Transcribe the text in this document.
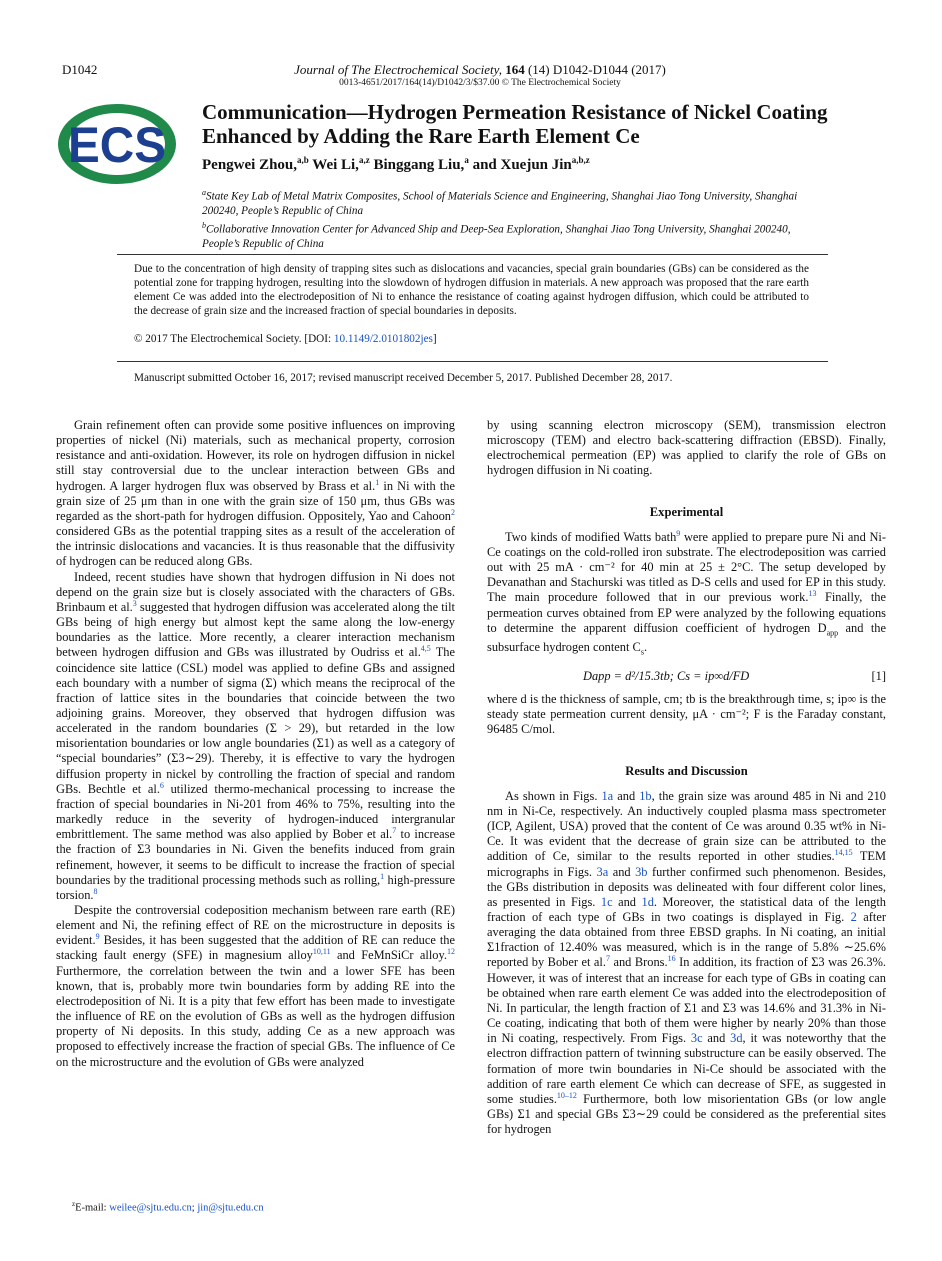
D1042	Journal of The Electrochemical Society, 164 (14) D1042-D1044 (2017)
0013-4651/2017/164(14)/D1042/3/$37.00 © The Electrochemical Society
ECS
Communication—Hydrogen Permeation Resistance of Nickel Coating Enhanced by Adding the Rare Earth Element Ce
Pengwei Zhou,$^{a,b}$ Wei Li,$^{a,z}$ Binggang Liu,$^a$ and Xuejun Jin$^{a,b,z}$
$^a$State Key Lab of Metal Matrix Composites, School of Materials Science and Engineering, Shanghai Jiao Tong University, Shanghai 200240, People’s Republic of China
$^b$Collaborative Innovation Center for Advanced Ship and Deep-Sea Exploration, Shanghai Jiao Tong University, Shanghai 200240, People’s Republic of China
Due to the concentration of high density of trapping sites such as dislocations and vacancies, special grain boundaries (GBs) can be considered as the potential zone for trapping hydrogen, resulting into the slowdown of hydrogen diffusion in materials. A new approach was proposed that the rare earth element Ce was added into the electrodeposition of Ni to enhance the resistance of coating against hydrogen diffusion, which could be attributed to the decrease of grain size and the increased fraction of special boundaries in deposits.
© 2017 The Electrochemical Society. [DOI: 10.1149/2.0101802jes]
Manuscript submitted October 16, 2017; revised manuscript received December 5, 2017. Published December 28, 2017.

Grain refinement often can provide some positive influences on improving properties of nickel (Ni) materials, such as mechanical property, corrosion resistance and anti-oxidation. However, its role on hydrogen diffusion in nickel still stay controversial due to the unclear interaction between GBs and hydrogen. A larger hydrogen flux was observed by Brass et al.$^1$ in Ni with the grain size of 25 μm than in one with the grain size of 150 μm, thus GBs was regarded as the short-path for hydrogen diffusion. Oppositely, Yao and Cahoon$^2$ considered GBs as the potential trapping sites as a result of the acceleration of the intrinsic dislocations and vacancies. It is thus reasonable that the diffusivity of hydrogen can be reduced along GBs.

Indeed, recent studies have shown that hydrogen diffusion in Ni does not depend on the grain size but is closely associated with the characters of GBs. Brinbaum et al.$^3$ suggested that hydrogen diffusion was accelerated along the tilt GBs being of high energy but almost kept the same along the low-energy boundaries as the lattice. More recently, a clearer interaction mechanism between hydrogen diffusion and GBs was illustrated by Oudriss et al.$^{4,5}$ The coincidence site lattice (CSL) model was applied to define GBs and assigned each boundary with a number of sigma (Σ) which means the reciprocal of the fraction of lattice sites in the boundaries that coincide between the two adjoining grains. Moreover, they observed that hydrogen diffusion was accelerated in the random boundaries (Σ > 29), but retarded in the low misorientation boundaries or low angle boundaries (Σ1) as well as a category of “special boundaries” (Σ3∼29). Thereby, it is effective to vary the hydrogen diffusion property in nickel by controlling the fraction of special and random GBs. Bechtle et al.$^6$ utilized thermo-mechanical processing to increase the fraction of special boundaries in Ni-201 from 46% to 75%, resulting into the markedly reduce in the severity of hydrogen-induced intergranular embrittlement. The same method was also applied by Bober et al.$^7$ to increase the fraction of Σ3 boundaries in Ni. Given the benefits induced from grain refinement, however, it seems to be difficult to increase the fraction of special boundaries by the traditional processing methods such as rolling,$^1$ high-pressure torsion.$^8$

Despite the controversial codeposition mechanism between rare earth (RE) element and Ni, the refining effect of RE on the microstructure in deposits is evident.$^9$ Besides, it has been suggested that the addition of RE can reduce the stacking fault energy (SFE) in magnesium alloy$^{10,11}$ and FeMnSiCr alloy.$^{12}$ Furthermore, the correlation between the twin and a lower SFE has been known, that is, probably more twin boundaries form by adding RE into the electrodeposition of Ni. It is a pity that few effort has been made to investigate the influence of RE on the evolution of GBs as well as the hydrogen diffusion property of Ni deposits. In this study, adding Ce as a new approach was proposed to effectively increase the fraction of special GBs. The influence of Ce on the microstructure and the evolution of GBs were analyzed

by using scanning electron microscopy (SEM), transmission electron microscopy (TEM) and electro back-scattering diffraction (EBSD). Finally, electrochemical permeation (EP) was applied to clarify the role of GBs on hydrogen diffusion in Ni coating.

Experimental

Two kinds of modified Watts bath$^9$ were applied to prepare pure Ni and Ni-Ce coatings on the cold-rolled iron substrate. The electrodeposition was carried out with 25 mA · cm⁻² for 40 min at 25 ± 2°C. The setup developed by Devanathan and Stachurski was titled as D-S cells and used for EP in this study. The main procedure followed that in our previous work.$^{13}$ Finally, the permeation curves obtained from EP were analyzed by the following equations to determine the apparent diffusion coefficient of hydrogen $D_{app}$ and the subsurface hydrogen content $C_s$.

Dapp = d²/15.3tb; Cs = ip∞d/FD	[1]

where d is the thickness of sample, cm; tb is the breakthrough time, s; ip∞ is the steady state permeation current density, μA · cm⁻²; F is the Faraday constant, 96485 C/mol.

Results and Discussion

As shown in Figs. 1a and 1b, the grain size was around 485 in Ni and 210 nm in Ni-Ce, respectively. An inductively coupled plasma mass spectrometer (ICP, Agilent, USA) proved that the content of Ce was around 0.35 wt% in Ni-Ce. It was evident that the decrease of grain size can be attributed to the addition of Ce, similar to the results reported in other studies.$^{14,15}$ TEM micrographs in Figs. 3a and 3b further confirmed such phenomenon. Besides, the GBs distribution in deposits was delineated with four different color lines, as presented in Figs. 1c and 1d. Moreover, the statistical data of the length fraction of each type of GBs in two coatings is displayed in Fig. 2 after averaging the data obtained from three EBSD graphs. In Ni coating, an initial Σ1fraction of 12.40% was measured, which is in the range of 5.8% ∼25.6% reported by Bober et al.$^7$ and Brons.$^{16}$ In addition, its fraction of Σ3 was 26.3%. However, it was of interest that an increase for each type of GBs in coating can be obtained when rare earth element Ce was added into the electrodeposition of Ni. In particular, the length fraction of Σ1 and Σ3 was 14.6% and 31.3% in Ni-Ce coating, indicating that both of them were higher by nearly 20% than those in Ni coating, respectively. From Figs. 3c and 3d, it was noteworthy that the electron diffraction pattern of twinning substructure can be easily observed. The formation of more twin boundaries in Ni-Ce should be associated with the addition of rare earth element Ce which can decrease of SFE, as suggested in some studies.$^{10-12}$ Furthermore, both low misorientation GBs (or low angle GBs) Σ1 and special GBs Σ3∼29 could be considered as the preferential sites for hydrogen

$^z$E-mail: weilee@sjtu.edu.cn; jin@sjtu.edu.cn
